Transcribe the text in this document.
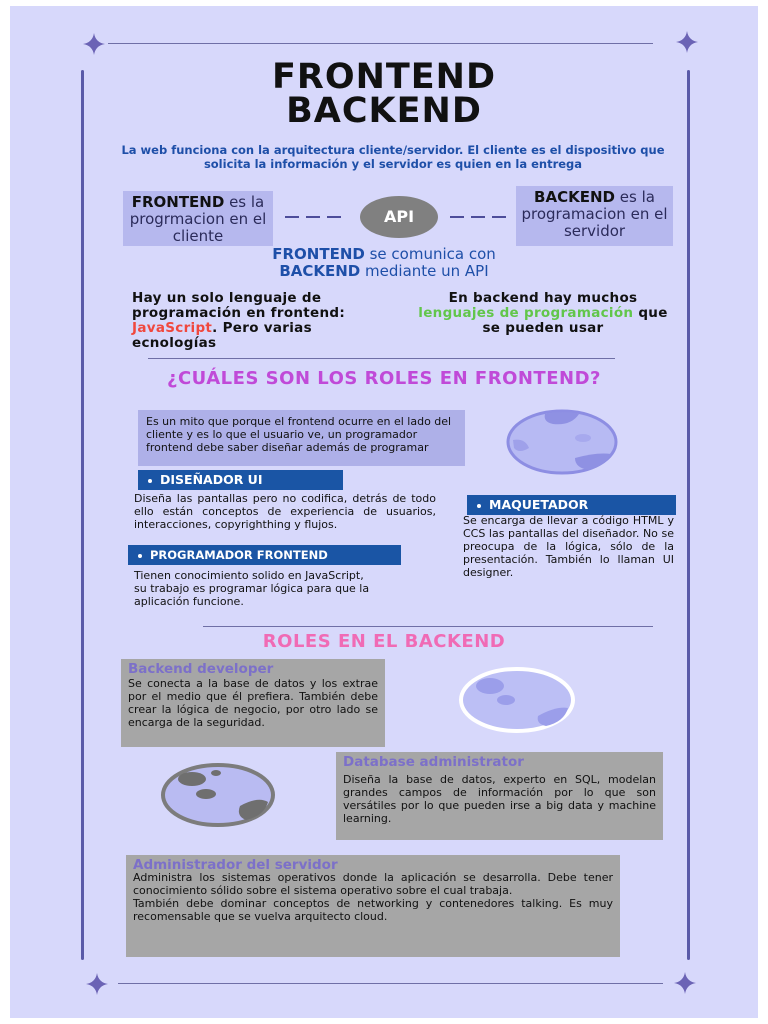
FRONTEND
BACKEND
La web funciona con la arquitectura cliente/servidor. El cliente es el dispositivo que solicita la información y el servidor es quien en la entrega
FRONTEND es la progrmacion en el cliente
API
BACKEND es la programacion en el servidor
FRONTEND se comunica con
BACKEND mediante un API
Hay un solo lenguaje de programación en frontend: JavaScript. Pero varias ecnologías
En backend hay muchos lenguajes de programación que se pueden usar
¿CUÁLES SON LOS ROLES EN FRONTEND?
Es un mito que porque el frontend ocurre en el lado del cliente y es lo que el usuario ve, un programador frontend debe saber diseñar además de programar
DISEÑADOR UI
Diseña las pantallas pero no codifica, detrás de todo ello están conceptos de experiencia de usuarios, interacciones, copyrighthing y flujos.
MAQUETADOR
Se encarga de llevar a código HTML y CCS las pantallas del diseñador. No se preocupa de la lógica, sólo de la presentación. También lo llaman UI designer.
PROGRAMADOR FRONTEND
Tienen conocimiento solido en JavaScript, su trabajo es programar lógica para que la aplicación funcione.
ROLES EN EL BACKEND
Backend developer
Se conecta a la base de datos y los extrae por el medio que él prefiera. También debe crear la lógica de negocio, por otro lado se encarga de la seguridad.
Database administrator
Diseña la base de datos, experto en SQL, modelan grandes campos de información por lo que son versátiles por lo que pueden irse a big data y machine learning.
Administrador del servidor
Administra los sistemas operativos donde la aplicación se desarrolla. Debe tener conocimiento sólido sobre el sistema operativo sobre el cual trabaja.
También debe dominar conceptos de networking y contenedores talking. Es muy recomensable que se vuelva arquitecto cloud.
